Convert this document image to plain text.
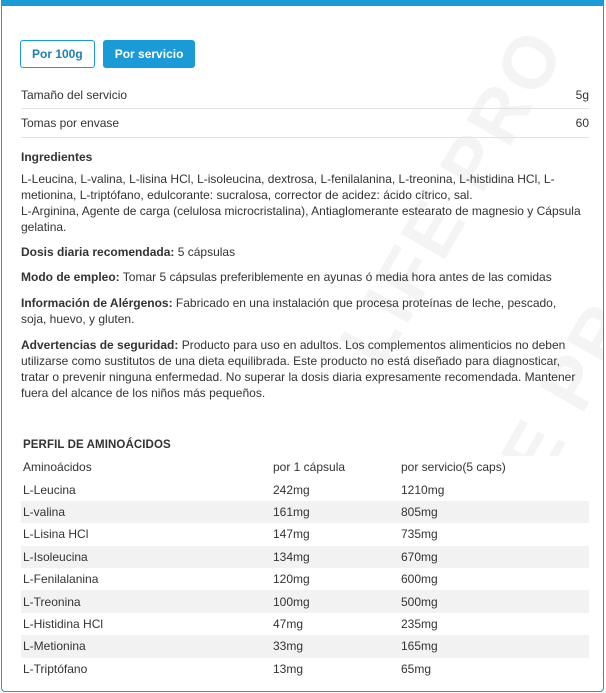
Por 100g	Por servicio
Tamaño del servicio	5g
Tomas por envase	60
Ingredientes
L-Leucina, L-valina, L-lisina HCl, L-isoleucina, dextrosa, L-fenilalanina, L-treonina, L-histidina HCl, L-metionina, L-triptófano, edulcorante: sucralosa, corrector de acidez: ácido cítrico, sal.
L-Arginina, Agente de carga (celulosa microcristalina), Antiaglomerante estearato de magnesio y Cápsula gelatina.
Dosis diaria recomendada: 5 cápsulas
Modo de empleo: Tomar 5 cápsulas preferiblemente en ayunas ó media hora antes de las comidas
Información de Alérgenos: Fabricado en una instalación que procesa proteínas de leche, pescado, soja, huevo, y gluten.
Advertencias de seguridad: Producto para uso en adultos. Los complementos alimenticios no deben utilizarse como sustitutos de una dieta equilibrada. Este producto no está diseñado para diagnosticar, tratar o prevenir ninguna enfermedad. No superar la dosis diaria expresamente recomendada. Mantener fuera del alcance de los niños más pequeños.
PERFIL DE AMINOÁCIDOS
Aminoácidos	por 1 cápsula	por servicio(5 caps)
L-Leucina	242mg	1210mg
L-valina	161mg	805mg
L-Lisina HCl	147mg	735mg
L-Isoleucina	134mg	670mg
L-Fenilalanina	120mg	600mg
L-Treonina	100mg	500mg
L-Histidina HCl	47mg	235mg
L-Metionina	33mg	165mg
L-Triptófano	13mg	65mg
